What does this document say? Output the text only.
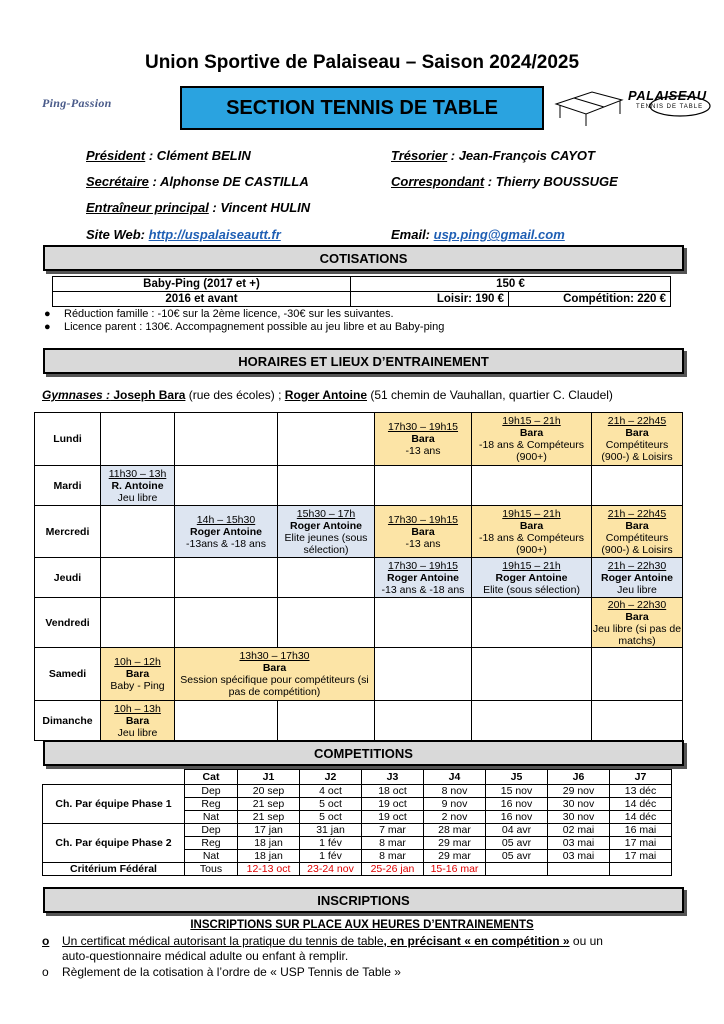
Union Sportive de Palaiseau – Saison 2024/2025
Ping-Passion	SECTION TENNIS DE TABLE
PALAISEAU
TENNIS DE TABLE
Président : Clément BELIN	Trésorier : Jean-François CAYOT
Secrétaire : Alphonse DE CASTILLA	Correspondant : Thierry BOUSSUGE
Entraîneur principal : Vincent HULIN
Site Web: http://uspalaiseautt.fr	Email: usp.ping@gmail.com
COTISATIONS
Baby-Ping (2017 et +)	150 €	
2016 et avant	Loisir: 190 €	Compétition: 220 €
● Réduction famille : -10€ sur la 2ème licence, -30€ sur les suivantes.
● Licence parent : 130€. Accompagnement possible au jeu libre et au Baby-ping
HORAIRES ET LIEUX D’ENTRAINEMENT
Gymnases : Joseph Bara (rue des écoles) ; Roger Antoine (51 chemin de Vauhallan, quartier C. Claudel)
Lundi				17h30 – 19h15
Bara
-13 ans	19h15 – 21h
Bara
-18 ans & Compéteurs (900+)	21h – 22h45
Bara
Compétiteurs (900-) & Loisirs

Mardi	11h30 – 13h
R. Antoine
Jeu libre					

Mercredi		14h – 15h30
Roger Antoine
-13ans & -18 ans	15h30 – 17h
Roger Antoine
Elite jeunes (sous sélection)	17h30 – 19h15
Bara
-13 ans	19h15 – 21h
Bara
-18 ans & Compéteurs (900+)	21h – 22h45
Bara
Compétiteurs (900-) & Loisirs

Jeudi				17h30 – 19h15
Roger Antoine
-13 ans & -18 ans	19h15 – 21h
Roger Antoine
Elite (sous sélection)	21h – 22h30
Roger Antoine
Jeu libre

Vendredi						20h – 22h30
Bara
Jeu libre (si pas de matchs)

Samedi	10h – 12h
Bara
Baby - Ping	13h30 – 17h30
Bara
Session spécifique pour compétiteurs (si pas de compétition)				

Dimanche	10h – 13h
Bara
Jeu libre					

COMPETITIONS
	Cat	J1	J2	J3	J4	J5	J6	J7
Ch. Par équipe Phase 1	Dep	20 sep	4 oct	18 oct	8 nov	15 nov	29 nov	13 déc
	Reg	21 sep	5 oct	19 oct	9 nov	16 nov	30 nov	14 déc
	Nat	21 sep	5 oct	19 oct	2 nov	16 nov	30 nov	14 déc
Ch. Par équipe Phase 2	Dep	17 jan	31 jan	7 mar	28 mar	04 avr	02 mai	16 mai
	Reg	18 jan	1 fév	8 mar	29 mar	05 avr	03 mai	17 mai
	Nat	18 jan	1 fév	8 mar	29 mar	05 avr	03 mai	17 mai
Critérium Fédéral	Tous	12-13 oct	23-24 nov	25-26 jan	15-16 mar			
INSCRIPTIONS
INSCRIPTIONS SUR PLACE AUX HEURES D’ENTRAINEMENTS
o Un certificat médical autorisant la pratique du tennis de table, en précisant « en compétition » ou un
auto-questionnaire médical adulte ou enfant à remplir.
o Règlement de la cotisation à l’ordre de « USP Tennis de Table »
